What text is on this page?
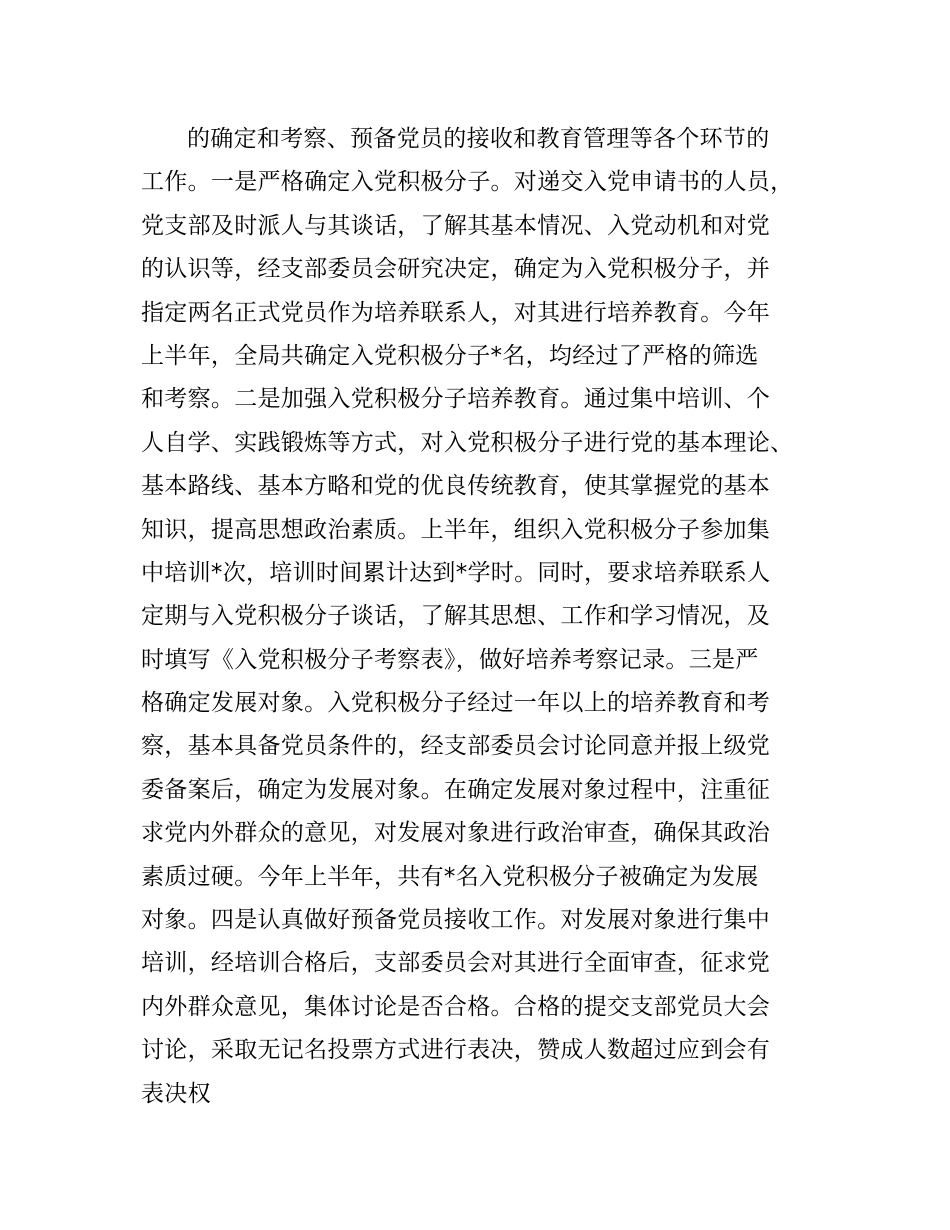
的确定和考察、预备党员的接收和教育管理等各个环节的
工作。一是严格确定入党积极分子。对递交入党申请书的人员，
党支部及时派人与其谈话，了解其基本情况、入党动机和对党
的认识等，经支部委员会研究决定，确定为入党积极分子，并
指定两名正式党员作为培养联系人，对其进行培养教育。今年
上半年，全局共确定入党积极分子*名，均经过了严格的筛选
和考察。二是加强入党积极分子培养教育。通过集中培训、个
人自学、实践锻炼等方式，对入党积极分子进行党的基本理论、
基本路线、基本方略和党的优良传统教育，使其掌握党的基本
知识，提高思想政治素质。上半年，组织入党积极分子参加集
中培训*次，培训时间累计达到*学时。同时，要求培养联系人
定期与入党积极分子谈话，了解其思想、工作和学习情况，及
时填写《入党积极分子考察表》，做好培养考察记录。三是严
格确定发展对象。入党积极分子经过一年以上的培养教育和考
察，基本具备党员条件的，经支部委员会讨论同意并报上级党
委备案后，确定为发展对象。在确定发展对象过程中，注重征
求党内外群众的意见，对发展对象进行政治审查，确保其政治
素质过硬。今年上半年，共有*名入党积极分子被确定为发展
对象。四是认真做好预备党员接收工作。对发展对象进行集中
培训，经培训合格后，支部委员会对其进行全面审查，征求党
内外群众意见，集体讨论是否合格。合格的提交支部党员大会
讨论，采取无记名投票方式进行表决，赞成人数超过应到会有
表决权
